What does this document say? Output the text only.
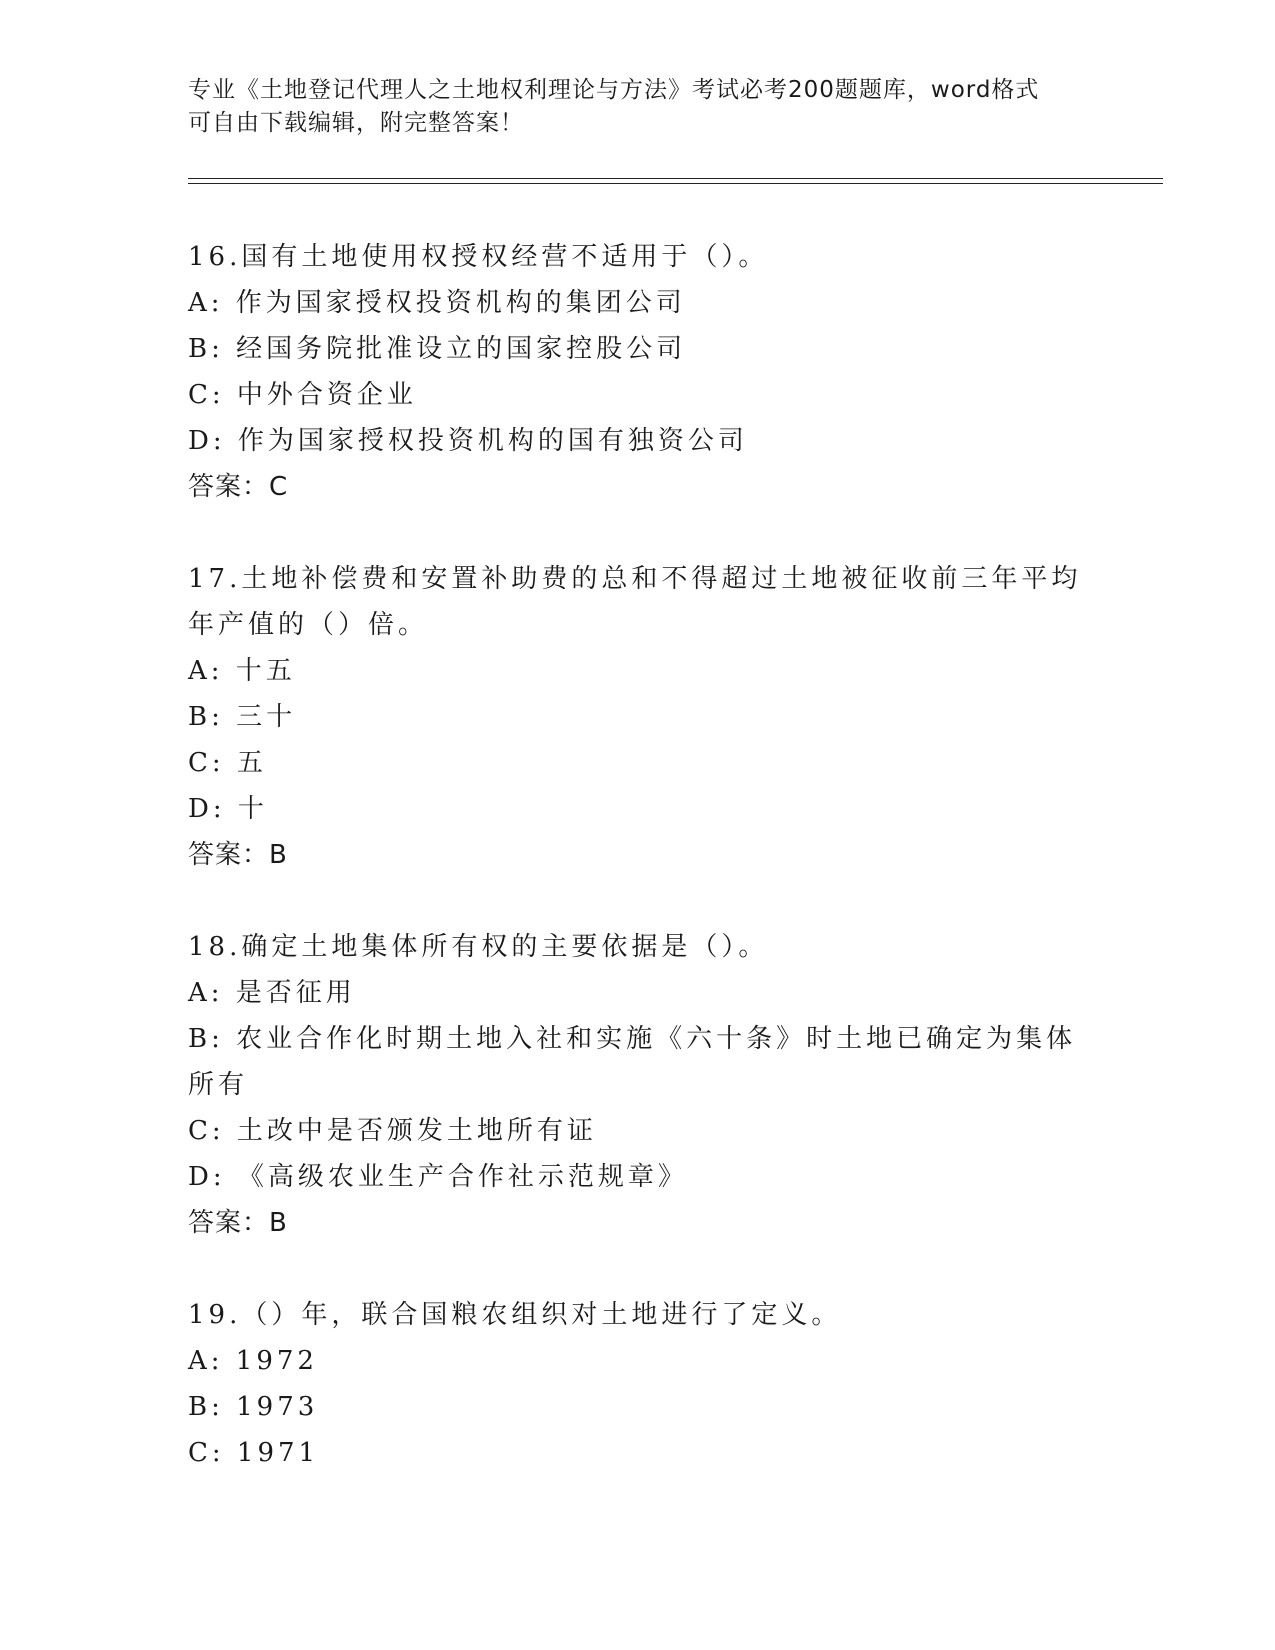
专业《土地登记代理人之土地权利理论与方法》考试必考200题题库，word格式
可自由下载编辑，附完整答案！
16.国有土地使用权授权经营不适用于（）。
A: 作为国家授权投资机构的集团公司
B: 经国务院批准设立的国家控股公司
C: 中外合资企业
D: 作为国家授权投资机构的国有独资公司
答案：C
17.土地补偿费和安置补助费的总和不得超过土地被征收前三年平均年产值的（）倍。
A: 十五
B: 三十
C: 五
D: 十
答案：B
18.确定土地集体所有权的主要依据是（）。
A: 是否征用
B: 农业合作化时期土地入社和实施《六十条》时土地已确定为集体所有
C: 土改中是否颁发土地所有证
D: 《高级农业生产合作社示范规章》
答案：B
19.（）年，联合国粮农组织对土地进行了定义。
A: 1972
B: 1973
C: 1971
